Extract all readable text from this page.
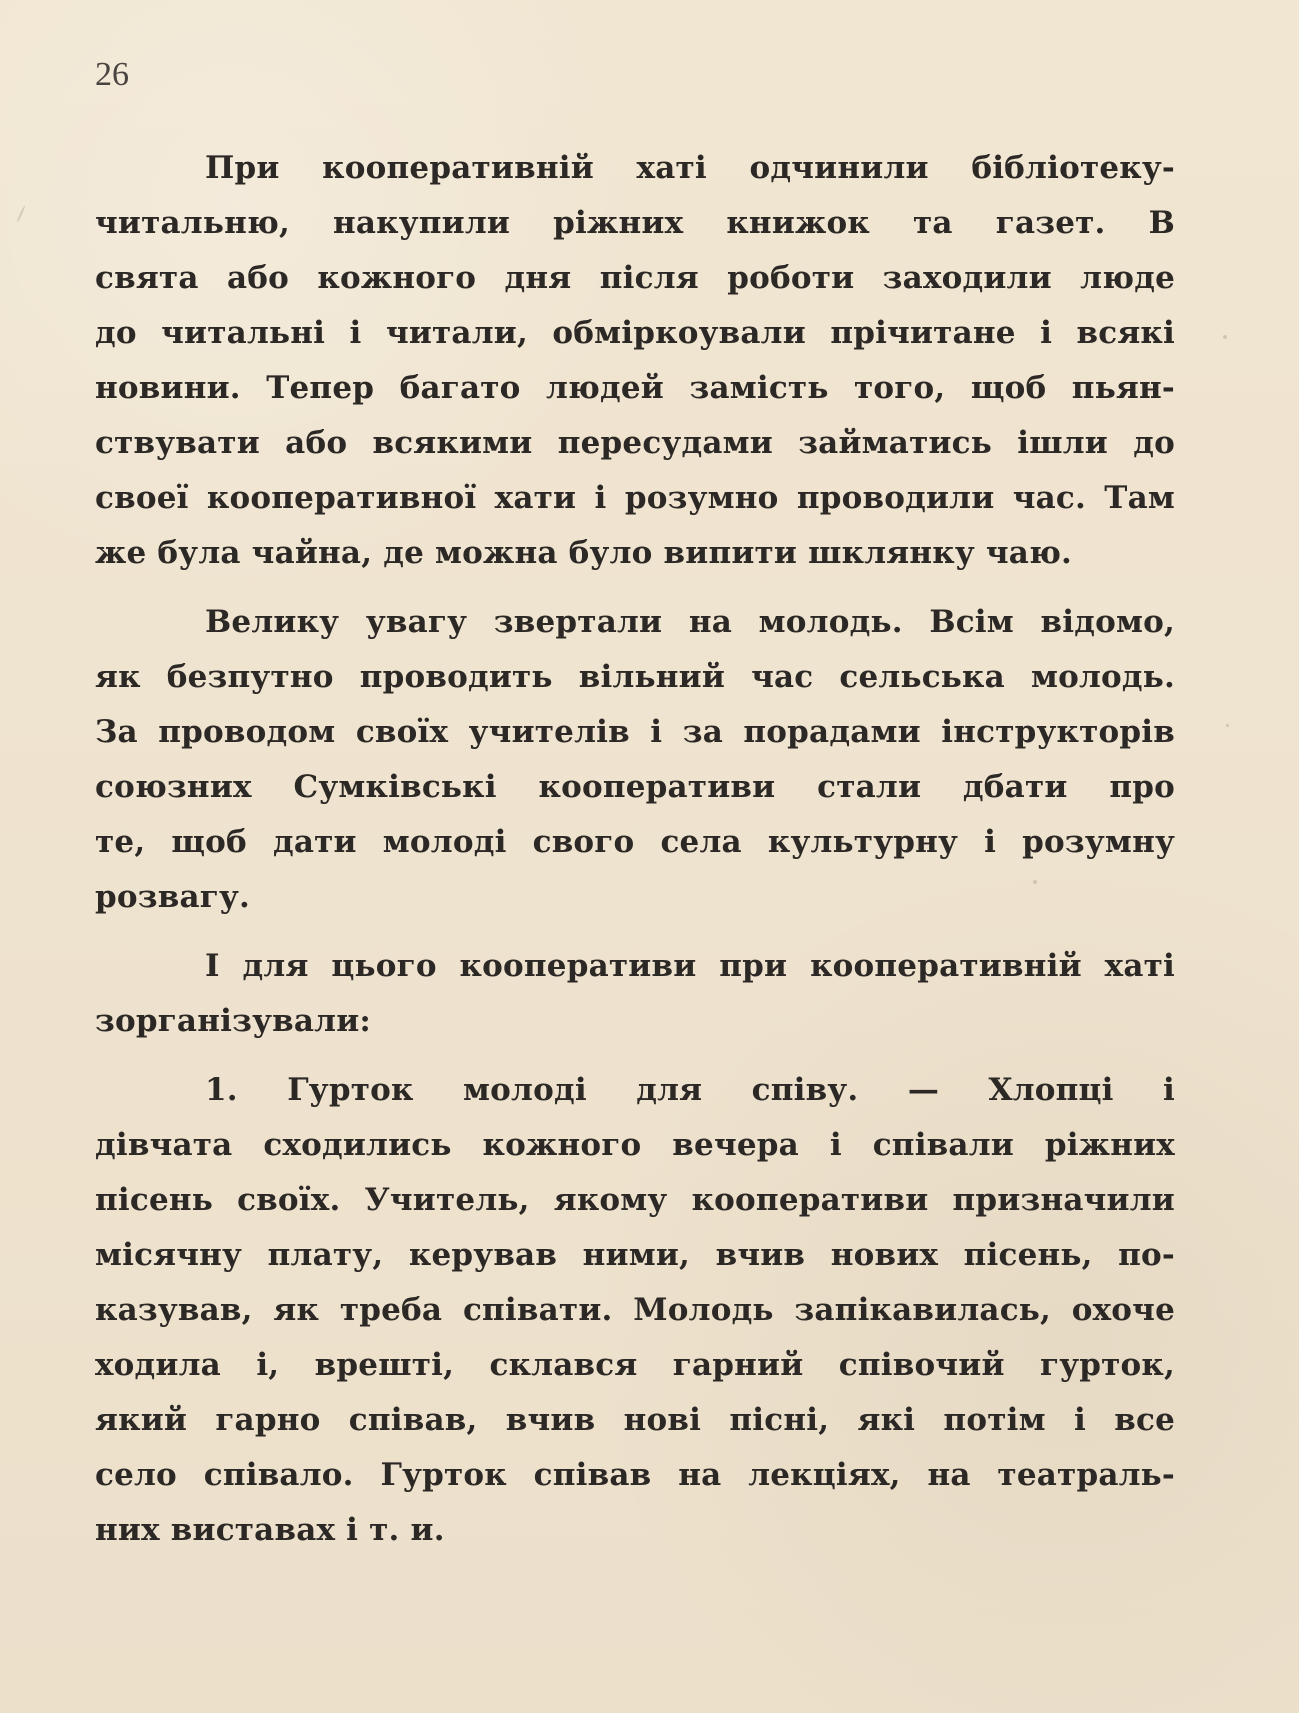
26
При кооперативній хаті одчинили бібліотеку-
читальню, накупили ріжних книжок та газет. В
свята або кожного дня після роботи заходили люде
до читальні і читали, обміркоували прічитане і всякі
новини. Тепер багато людей замість того, щоб пьян-
ствувати або всякими пересудами займатись ішли до
своеї кооперативної хати і розумно проводили час. Там
же була чайна, де можна було випити шклянку чаю.
Велику увагу звертали на молодь. Всім відомо,
як безпутно проводить вільний час сельська молодь.
За проводом своїх учителів і за порадами інструкторів
союзних Сумківські кооперативи стали дбати про
те, щоб дати молоді свого села культурну і розумну
розвагу.
І для цього кооперативи при кооперативній хаті
зорганізували:
1. Гурток молоді для співу. — Хлопці і
дівчата сходились кожного вечера і співали ріжних
пісень своїх. Учитель, якому кооперативи призначили
місячну плату, керував ними, вчив нових пісень, по-
казував, як треба співати. Молодь запікавилась, охоче
ходила і, врешті, склався гарний співочий гурток,
який гарно співав, вчив нові пісні, які потім і все
село співало. Гурток співав на лекціях, на театраль-
них виставах і т. и.
